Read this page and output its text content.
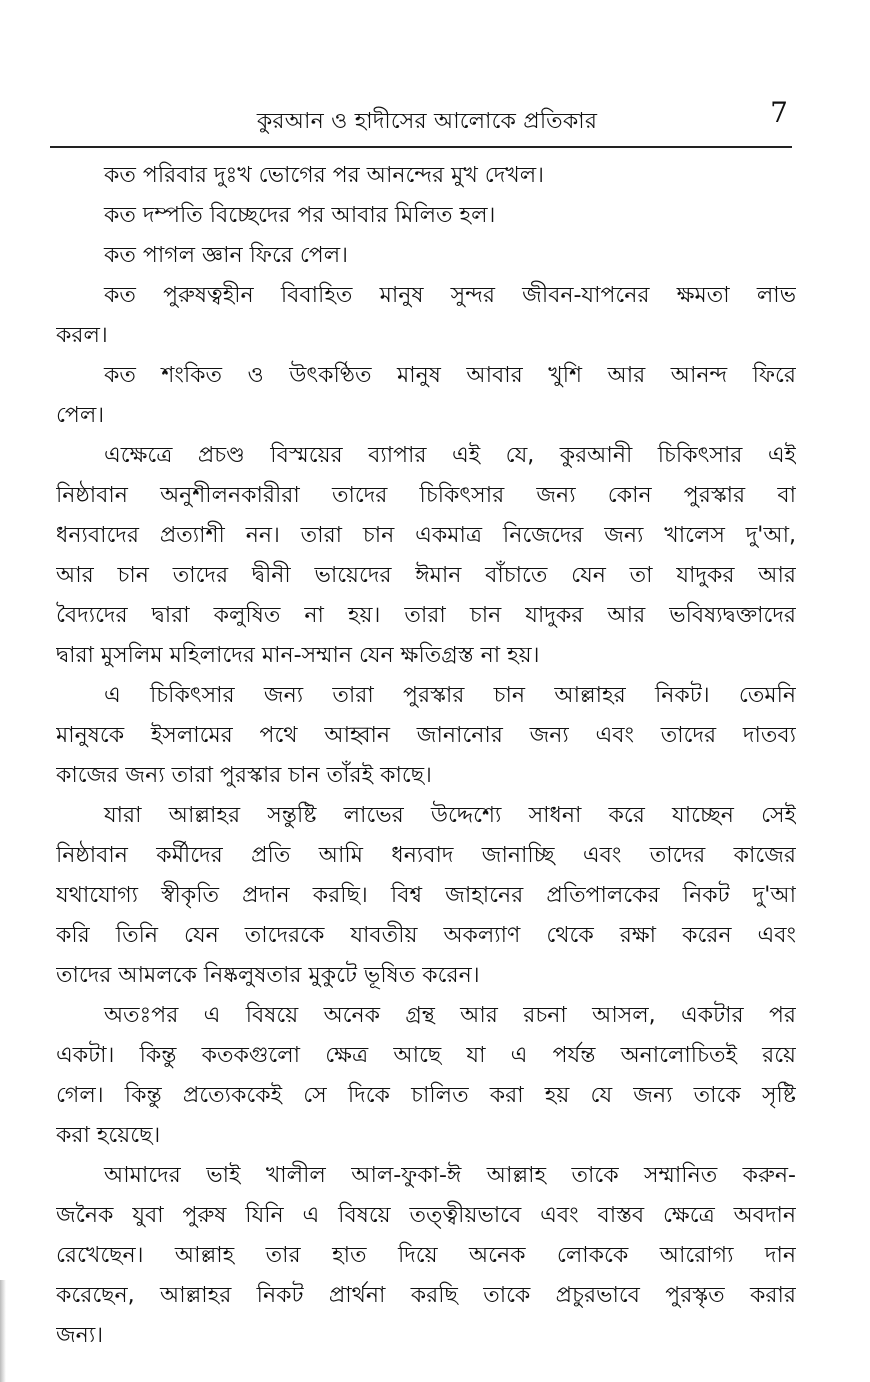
কুরআন ও হাদীসের আলোকে প্রতিকার	7
কত পরিবার দুঃখ ভোগের পর আনন্দের মুখ দেখল।
কত দম্পতি বিচ্ছেদের পর আবার মিলিত হল।
কত পাগল জ্ঞান ফিরে পেল।
কত পুরুষত্বহীন বিবাহিত মানুষ সুন্দর জীবন-যাপনের ক্ষমতা লাভ
করল।
কত শংকিত ও উৎকণ্ঠিত মানুষ আবার খুশি আর আনন্দ ফিরে
পেল।
এক্ষেত্রে প্রচণ্ড বিস্ময়ের ব্যাপার এই যে, কুরআনী চিকিৎসার এই
নিষ্ঠাবান অনুশীলনকারীরা তাদের চিকিৎসার জন্য কোন পুরস্কার বা
ধন্যবাদের প্রত্যাশী নন। তারা চান একমাত্র নিজেদের জন্য খালেস দু'আ,
আর চান তাদের দ্বীনী ভায়েদের ঈমান বাঁচাতে যেন তা যাদুকর আর
বৈদ্যদের দ্বারা কলুষিত না হয়। তারা চান যাদুকর আর ভবিষ্যদ্বক্তাদের
দ্বারা মুসলিম মহিলাদের মান-সম্মান যেন ক্ষতিগ্রস্ত না হয়।
এ চিকিৎসার জন্য তারা পুরস্কার চান আল্লাহর নিকট। তেমনি
মানুষকে ইসলামের পথে আহ্বান জানানোর জন্য এবং তাদের দাতব্য
কাজের জন্য তারা পুরস্কার চান তাঁরই কাছে।
যারা আল্লাহর সন্তুষ্টি লাভের উদ্দেশ্যে সাধনা করে যাচ্ছেন সেই
নিষ্ঠাবান কর্মীদের প্রতি আমি ধন্যবাদ জানাচ্ছি এবং তাদের কাজের
যথাযোগ্য স্বীকৃতি প্রদান করছি। বিশ্ব জাহানের প্রতিপালকের নিকট দু'আ
করি তিনি যেন তাদেরকে যাবতীয় অকল্যাণ থেকে রক্ষা করেন এবং
তাদের আমলকে নিষ্কলুষতার মুকুটে ভূষিত করেন।
অতঃপর এ বিষয়ে অনেক গ্রন্থ আর রচনা আসল, একটার পর
একটা। কিন্তু কতকগুলো ক্ষেত্র আছে যা এ পর্যন্ত অনালোচিতই রয়ে
গেল। কিন্তু প্রত্যেককেই সে দিকে চালিত করা হয় যে জন্য তাকে সৃষ্টি
করা হয়েছে।
আমাদের ভাই খালীল আল-ফুকা-ঈ আল্লাহ তাকে সম্মানিত করুন-
জনৈক যুবা পুরুষ যিনি এ বিষয়ে তত্ত্বীয়ভাবে এবং বাস্তব ক্ষেত্রে অবদান
রেখেছেন। আল্লাহ তার হাত দিয়ে অনেক লোককে আরোগ্য দান
করেছেন, আল্লাহর নিকট প্রার্থনা করছি তাকে প্রচুরভাবে পুরস্কৃত করার
জন্য।
